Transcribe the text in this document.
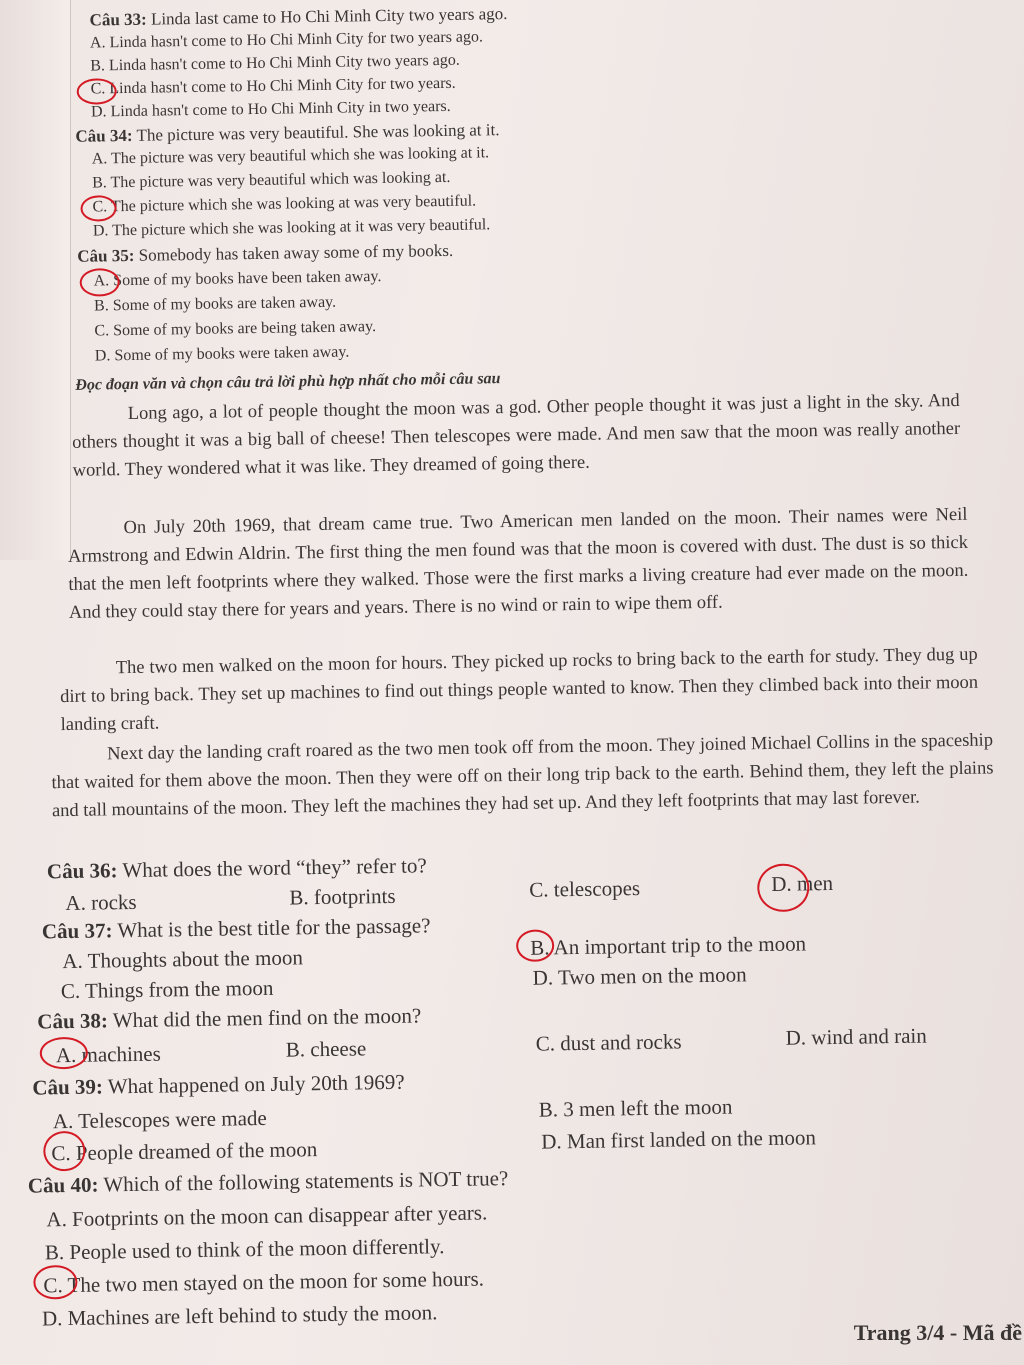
Câu 33: Linda last came to Ho Chi Minh City two years ago.
A. Linda hasn't come to Ho Chi Minh City for two years ago.
B. Linda hasn't come to Ho Chi Minh City two years ago.
C. Linda hasn't come to Ho Chi Minh City for two years.
D. Linda hasn't come to Ho Chi Minh City in two years.
Câu 34: The picture was very beautiful. She was looking at it.
A. The picture was very beautiful which she was looking at it.
B. The picture was very beautiful which was looking at.
C. The picture which she was looking at was very beautiful.
D. The picture which she was looking at it was very beautiful.
Câu 35: Somebody has taken away some of my books.
A. Some of my books have been taken away.
B. Some of my books are taken away.
C. Some of my books are being taken away.
D. Some of my books were taken away.
Đọc đoạn văn và chọn câu trả lời phù hợp nhất cho mỗi câu sau
Long ago, a lot of people thought the moon was a god. Other people thought it was just a light in the sky. And others thought it was a big ball of cheese! Then telescopes were made. And men saw that the moon was really another world. They wondered what it was like. They dreamed of going there.
On July 20th 1969, that dream came true. Two American men landed on the moon. Their names were Neil Armstrong and Edwin Aldrin. The first thing the men found was that the moon is covered with dust. The dust is so thick that the men left footprints where they walked. Those were the first marks a living creature had ever made on the moon. And they could stay there for years and years. There is no wind or rain to wipe them off.
The two men walked on the moon for hours. They picked up rocks to bring back to the earth for study. They dug up dirt to bring back. They set up machines to find out things people wanted to know. Then they climbed back into their moon landing craft.
Next day the landing craft roared as the two men took off from the moon. They joined Michael Collins in the spaceship that waited for them above the moon. Then they were off on their long trip back to the earth. Behind them, they left the plains and tall mountains of the moon. They left the machines they had set up. And they left footprints that may last forever.
Câu 36: What does the word “they” refer to?
A. rocks	B. footprints	C. telescopes	D. men
Câu 37: What is the best title for the passage?
A. Thoughts about the moon	B. An important trip to the moon
C. Things from the moon	D. Two men on the moon
Câu 38: What did the men find on the moon?
A. machines	B. cheese	C. dust and rocks	D. wind and rain
Câu 39: What happened on July 20th 1969?
A. Telescopes were made	B. 3 men left the moon
C. People dreamed of the moon	D. Man first landed on the moon
Câu 40: Which of the following statements is NOT true?
A. Footprints on the moon can disappear after years.
B. People used to think of the moon differently.
C. The two men stayed on the moon for some hours.
D. Machines are left behind to study the moon.
Trang 3/4 - Mã đề
